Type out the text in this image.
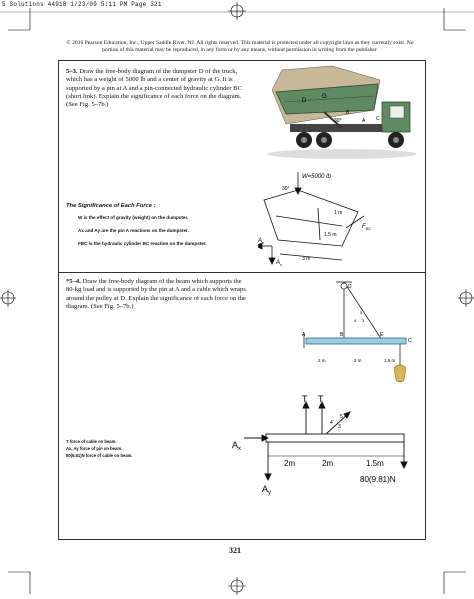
5 Solutions 44918 1/23/09 5:11 PM Page 321
© 2010 Pearson Education, Inc., Upper Saddle River, NJ. All rights reserved. This material is protected under all copyright laws as they currently exist. No portion of this material may be reproduced, in any form or by any means, without permission in writing from the publisher.
5–3. Draw the free-body diagram of the dumpster D of the truck, which has a weight of 5000 lb and a center of gravity at G. It is supported by a pin at A and a pin-connected hydraulic cylinder BC (short link). Explain the significance of each force on the diagram. (See Fig. 5–7b.)
D
G
30°
B
A C
W=5000 lb
30°
$F_{BC}$
$A_x$
$A_y$
3 m
1.5 m
1 m
The Significance of Each Force :
W is the effect of gravity (weight) on the dumpster.
Ax and Ay are the pin A reactions on the dumpster.
FBC is the hydraulic cylinder BC reaction on the dumpster.
*5–4. Draw the free-body diagram of the beam which supports the 80-kg load and is supported by the pin at A and a cable which wraps around the pulley at D. Explain the significance of each force on the diagram. (See Fig. 5–7b.)
D
A	B	E
C
5
4 3
2 m	2 m	1.5 m
T T
4
3
5
$A_x$
$A_y$
2m	2m	1.5m
80(9.81)N
T force of cable on beam.
Ax, Ay force of pin on beam.
80(9.81)N force of cable on beam.
321
